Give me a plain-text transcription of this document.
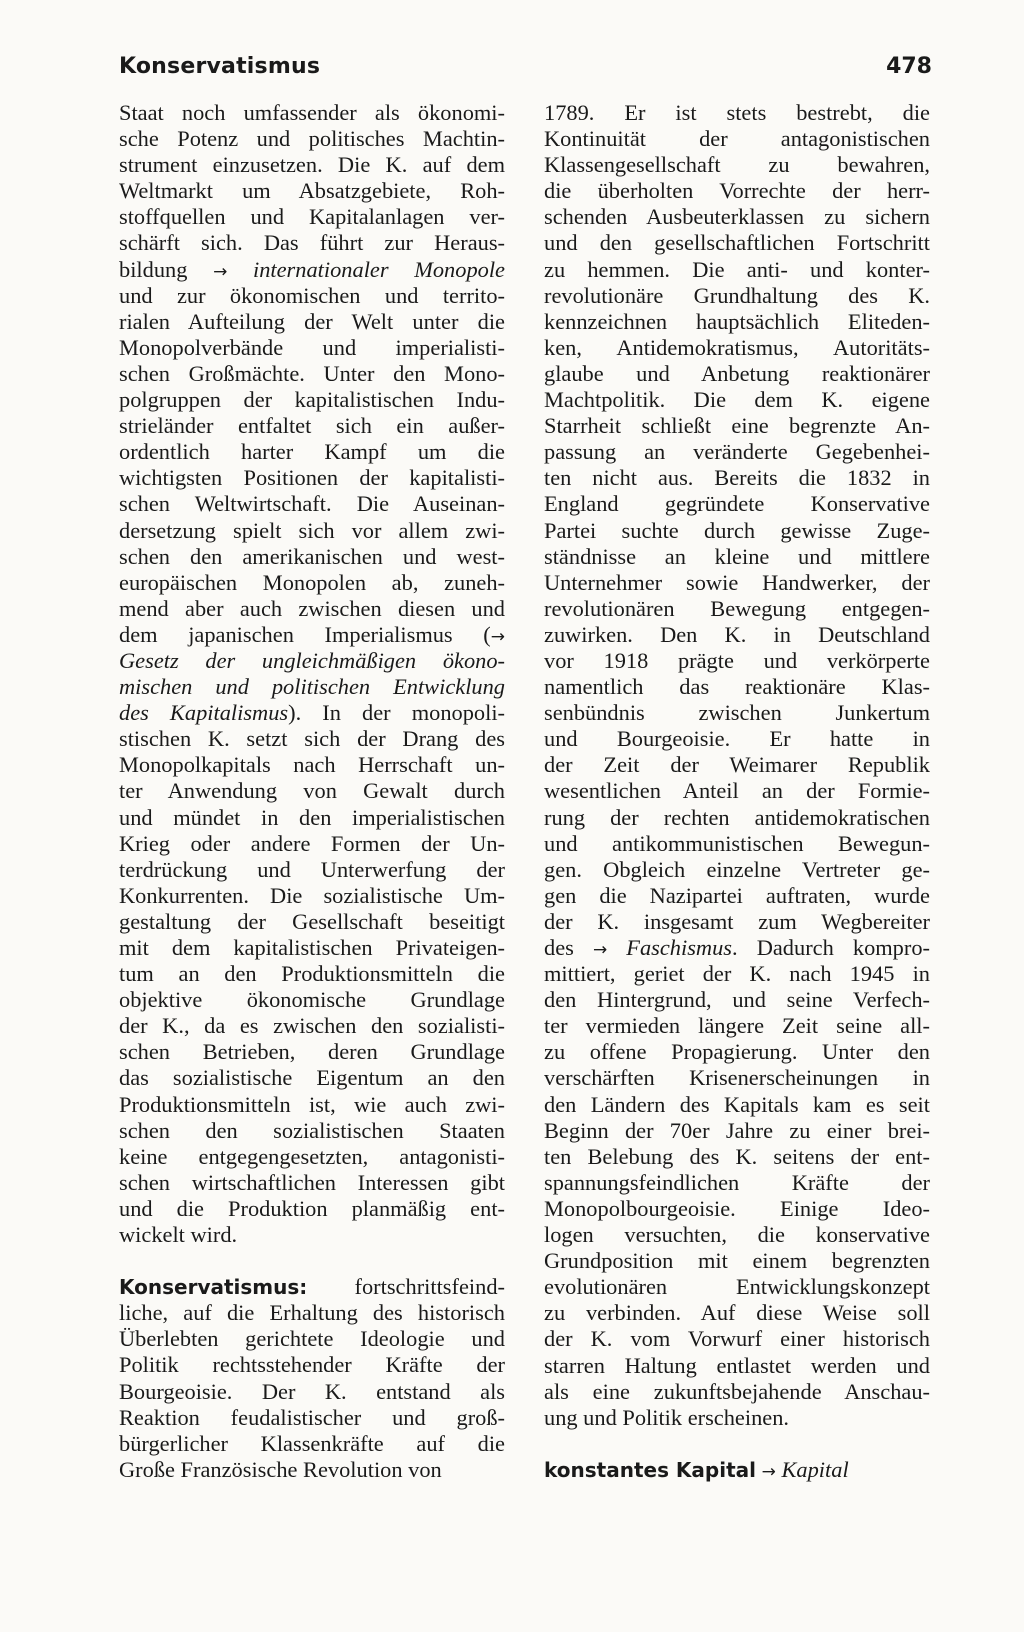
Konservatismus	478
Staat noch umfassender als ökonomi-
sche Potenz und politisches Machtin-
strument einzusetzen. Die K. auf dem
Weltmarkt um Absatzgebiete, Roh-
stoffquellen und Kapitalanlagen ver-
schärft sich. Das führt zur Heraus-
bildung → internationaler Monopole
und zur ökonomischen und territo-
rialen Aufteilung der Welt unter die
Monopolverbände und imperialisti-
schen Großmächte. Unter den Mono-
polgruppen der kapitalistischen Indu-
strieländer entfaltet sich ein außer-
ordentlich harter Kampf um die
wichtigsten Positionen der kapitalisti-
schen Weltwirtschaft. Die Auseinan-
dersetzung spielt sich vor allem zwi-
schen den amerikanischen und west-
europäischen Monopolen ab, zuneh-
mend aber auch zwischen diesen und
dem japanischen Imperialismus (→
Gesetz der ungleichmäßigen ökono-
mischen und politischen Entwicklung
des Kapitalismus). In der monopoli-
stischen K. setzt sich der Drang des
Monopolkapitals nach Herrschaft un-
ter Anwendung von Gewalt durch
und mündet in den imperialistischen
Krieg oder andere Formen der Un-
terdrückung und Unterwerfung der
Konkurrenten. Die sozialistische Um-
gestaltung der Gesellschaft beseitigt
mit dem kapitalistischen Privateigen-
tum an den Produktionsmitteln die
objektive ökonomische Grundlage
der K., da es zwischen den sozialisti-
schen Betrieben, deren Grundlage
das sozialistische Eigentum an den
Produktionsmitteln ist, wie auch zwi-
schen den sozialistischen Staaten
keine entgegengesetzten, antagonisti-
schen wirtschaftlichen Interessen gibt
und die Produktion planmäßig ent-
wickelt wird.
Konservatismus: fortschrittsfeind-
liche, auf die Erhaltung des historisch
Überlebten gerichtete Ideologie und
Politik rechtsstehender Kräfte der
Bourgeoisie. Der K. entstand als
Reaktion feudalistischer und groß-
bürgerlicher Klassenkräfte auf die
Große Französische Revolution von
1789. Er ist stets bestrebt, die
Kontinuität der antagonistischen
Klassengesellschaft zu bewahren,
die überholten Vorrechte der herr-
schenden Ausbeuterklassen zu sichern
und den gesellschaftlichen Fortschritt
zu hemmen. Die anti- und konter-
revolutionäre Grundhaltung des K.
kennzeichnen hauptsächlich Eliteden-
ken, Antidemokratismus, Autoritäts-
glaube und Anbetung reaktionärer
Machtpolitik. Die dem K. eigene
Starrheit schließt eine begrenzte An-
passung an veränderte Gegebenhei-
ten nicht aus. Bereits die 1832 in
England gegründete Konservative
Partei suchte durch gewisse Zuge-
ständnisse an kleine und mittlere
Unternehmer sowie Handwerker, der
revolutionären Bewegung entgegen-
zuwirken. Den K. in Deutschland
vor 1918 prägte und verkörperte
namentlich das reaktionäre Klas-
senbündnis zwischen Junkertum
und Bourgeoisie. Er hatte in
der Zeit der Weimarer Republik
wesentlichen Anteil an der Formie-
rung der rechten antidemokratischen
und antikommunistischen Bewegun-
gen. Obgleich einzelne Vertreter ge-
gen die Nazipartei auftraten, wurde
der K. insgesamt zum Wegbereiter
des → Faschismus. Dadurch kompro-
mittiert, geriet der K. nach 1945 in
den Hintergrund, und seine Verfech-
ter vermieden längere Zeit seine all-
zu offene Propagierung. Unter den
verschärften Krisenerscheinungen in
den Ländern des Kapitals kam es seit
Beginn der 70er Jahre zu einer brei-
ten Belebung des K. seitens der ent-
spannungsfeindlichen Kräfte der
Monopolbourgeoisie. Einige Ideo-
logen versuchten, die konservative
Grundposition mit einem begrenzten
evolutionären Entwicklungskonzept
zu verbinden. Auf diese Weise soll
der K. vom Vorwurf einer historisch
starren Haltung entlastet werden und
als eine zukunftsbejahende Anschau-
ung und Politik erscheinen.
konstantes Kapital → Kapital
